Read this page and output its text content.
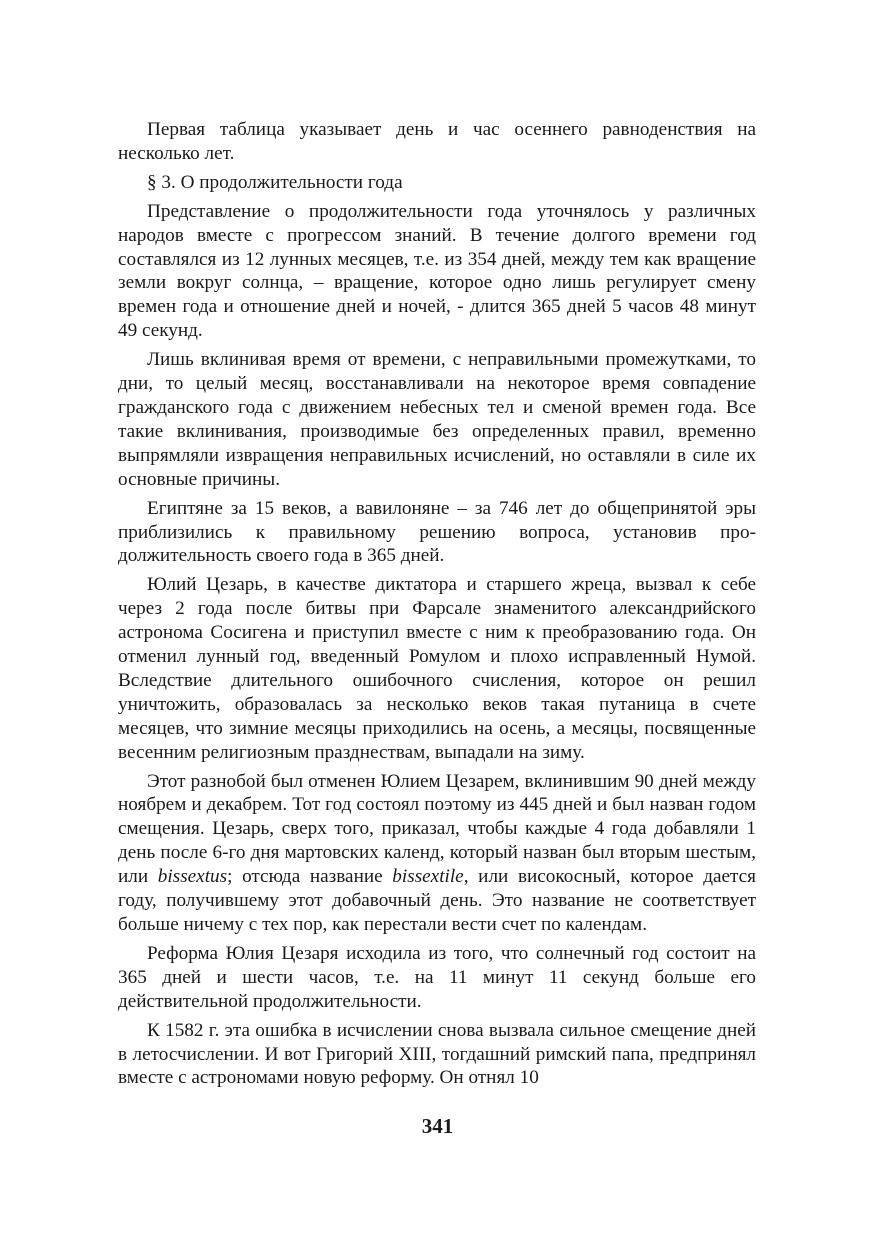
Первая таблица указывает день и час осеннего равноденствия на несколько лет.

§ 3. О продолжительности года

Представление о продолжительности года уточнялось у различных народов вместе с прогрессом знаний. В течение долгого времени год составлялся из 12 лунных месяцев, т.е. из 354 дней, между тем как вращение земли вокруг солнца, – вращение, которое одно лишь регулирует смену времен года и отношение дней и ночей, - длится 365 дней 5 часов 48 минут 49 секунд.

Лишь вклинивая время от времени, с неправильными промежутками, то дни, то целый месяц, восстанавливали на некоторое время совпадение гражданского года с движением небесных тел и сменой времен года. Все такие вклинивания, производимые без определенных правил, временно выпрямляли извращения неправильных исчислений, но оставляли в силе их основные причины.

Египтяне за 15 веков, а вавилоняне – за 746 лет до общепринятой эры приблизились к правильному решению вопроса, установив продолжительность своего года в 365 дней.

Юлий Цезарь, в качестве диктатора и старшего жреца, вызвал к себе через 2 года после битвы при Фарсале знаменитого александрийского астронома Сосигена и приступил вместе с ним к преобразованию года. Он отменил лунный год, введенный Ромулом и плохо исправленный Нумой. Вследствие длительного ошибочного счисления, которое он решил уничтожить, образовалась за несколько веков такая путаница в счете месяцев, что зимние месяцы приходились на осень, а месяцы, посвященные весенним религиозным празднествам, выпадали на зиму.

Этот разнобой был отменен Юлием Цезарем, вклинившим 90 дней между ноябрем и декабрем. Тот год состоял поэтому из 445 дней и был назван годом смещения. Цезарь, сверх того, приказал, чтобы каждые 4 года добавляли 1 день после 6-го дня мартовских календ, который назван был вторым шестым, или bissextus; отсюда название bissextile, или високосный, которое дается году, получившему этот добавочный день. Это название не соответствует больше ничему с тех пор, как перестали вести счет по календам.

Реформа Юлия Цезаря исходила из того, что солнечный год состоит на 365 дней и шести часов, т.е. на 11 минут 11 секунд больше его действительной продолжительности.

К 1582 г. эта ошибка в исчислении снова вызвала сильное смещение дней в летосчислении. И вот Григорий XIII, тогдашний римский папа, предпринял вместе с астрономами новую реформу. Он отнял 10

341
